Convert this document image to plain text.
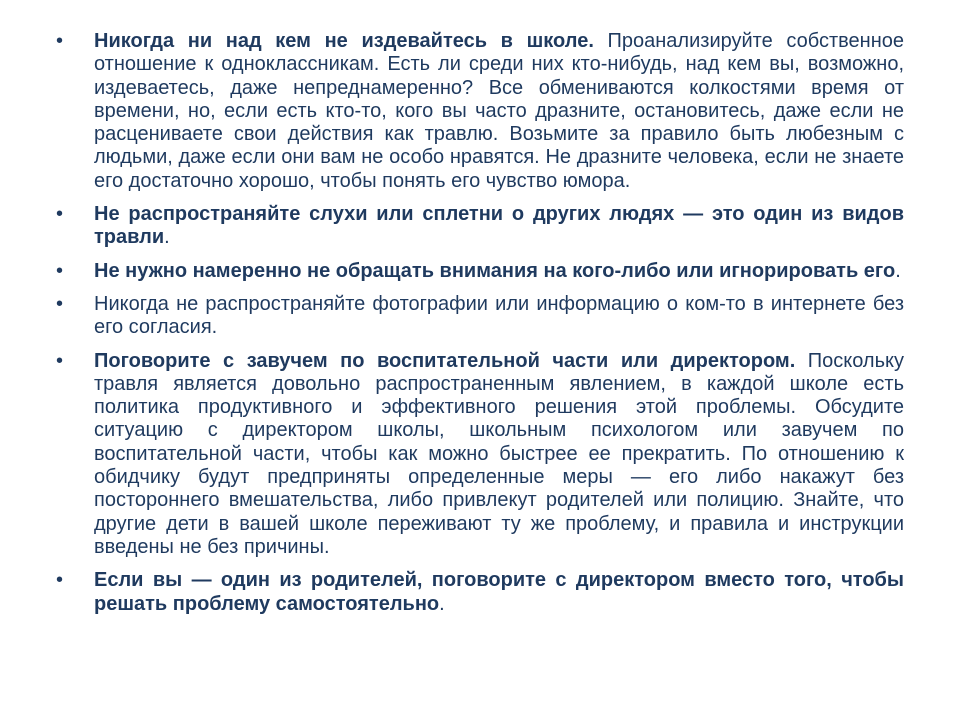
•	Никогда ни над кем не издевайтесь в школе. Проанализируйте собственное отношение к одноклассникам. Есть ли среди них кто-нибудь, над кем вы, возможно, издеваетесь, даже непреднамеренно? Все обмениваются колкостями время от времени, но, если есть кто-то, кого вы часто дразните, остановитесь, даже если не расцениваете свои действия как травлю. Возьмите за правило быть любезным с людьми, даже если они вам не особо нравятся. Не дразните человека, если не знаете его достаточно хорошо, чтобы понять его чувство юмора.
•	Не распространяйте слухи или сплетни о других людях — это один из видов травли.
•	Не нужно намеренно не обращать внимания на кого-либо или игнорировать его.
•	Никогда не распространяйте фотографии или информацию о ком-то в интернете без его согласия.
•	Поговорите с завучем по воспитательной части или директором. Поскольку травля является довольно распространенным явлением, в каждой школе есть политика продуктивного и эффективного решения этой проблемы. Обсудите ситуацию с директором школы, школьным психологом или завучем по воспитательной части, чтобы как можно быстрее ее прекратить. По отношению к обидчику будут предприняты определенные меры — его либо накажут без постороннего вмешательства, либо привлекут родителей или полицию. Знайте, что другие дети в вашей школе переживают ту же проблему, и правила и инструкции введены не без причины.
•	Если вы — один из родителей, поговорите с директором вместо того, чтобы решать проблему самостоятельно.
